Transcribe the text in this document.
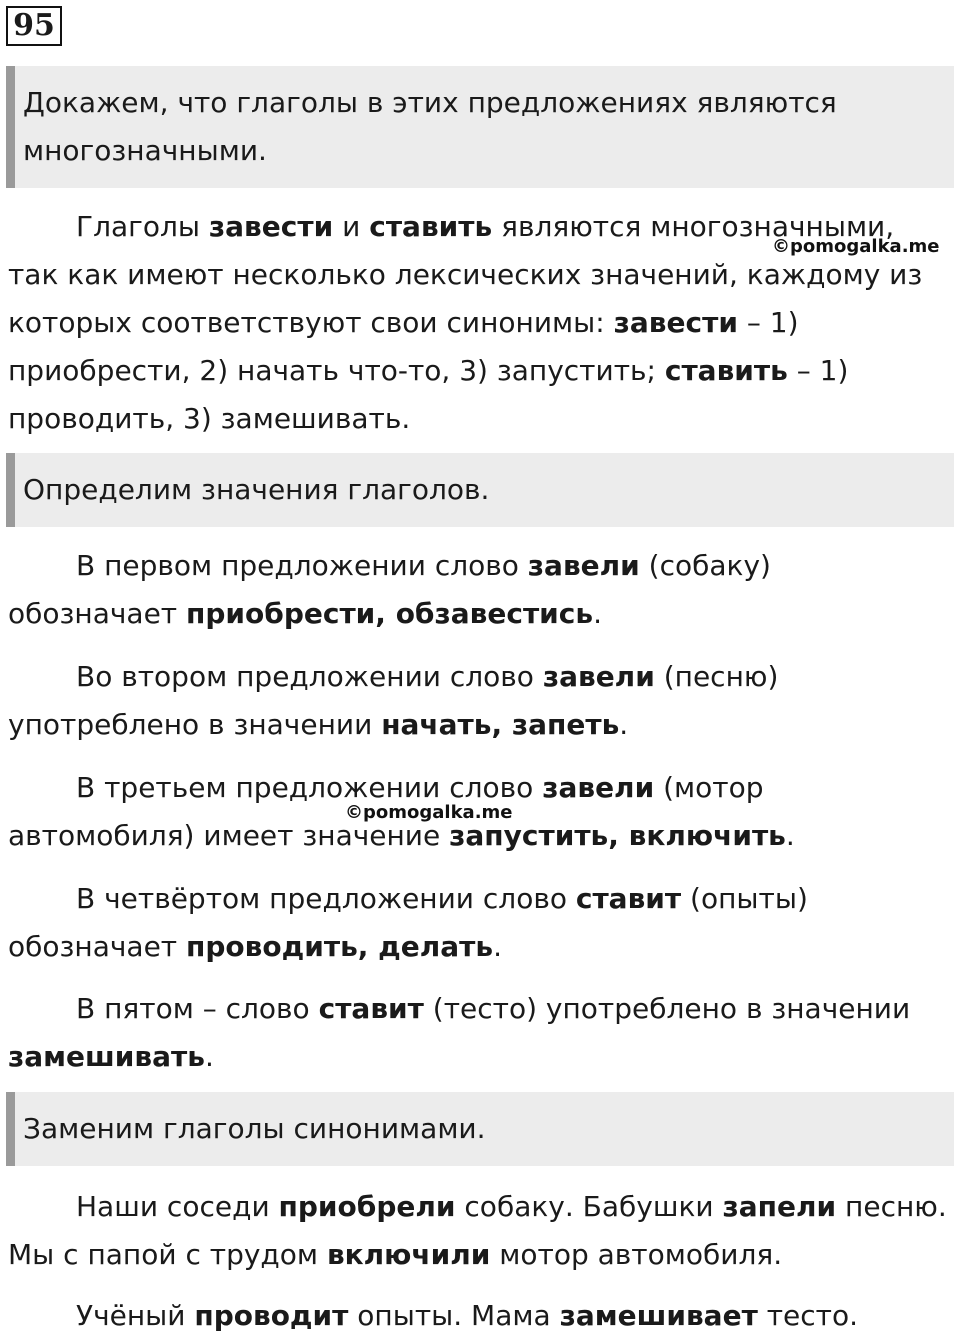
95
Докажем, что глаголы в этих предложениях являются многозначными.
Глаголы завести и ставить являются многозначными, так как имеют несколько лексических значений, каждому из которых соответствуют свои синонимы: завести – 1) приобрести, 2) начать что-то, 3) запустить; ставить – 1) проводить, 3) замешивать.
©pomogalka.me
Определим значения глаголов.
В первом предложении слово завели (собаку) обозначает приобрести, обзавестись.
Во втором предложении слово завели (песню) употреблено в значении начать, запеть.
В третьем предложении слово завели (мотор автомобиля) имеет значение запустить, включить.
©pomogalka.me
В четвёртом предложении слово ставит (опыты) обозначает проводить, делать.
В пятом – слово ставит (тесто) употреблено в значении замешивать.
Заменим глаголы синонимами.
Наши соседи приобрели собаку. Бабушки запели песню. Мы с папой с трудом включили мотор автомобиля.
Учёный проводит опыты. Мама замешивает тесто.
